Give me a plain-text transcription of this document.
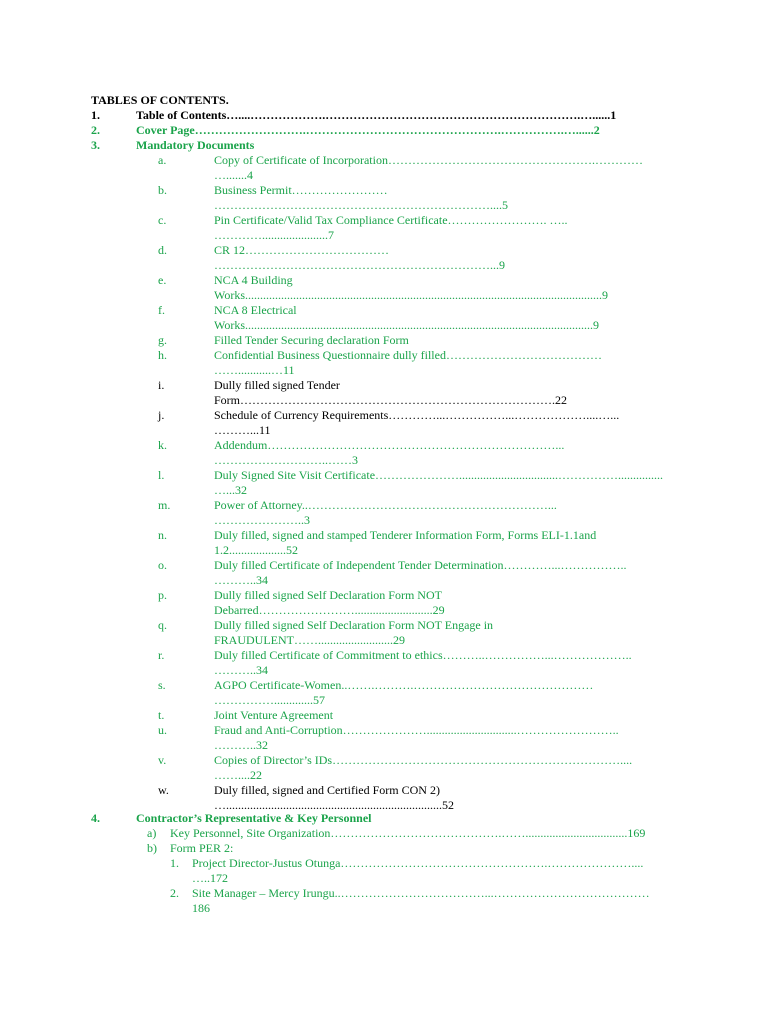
TABLES OF CONTENTS.
1.	Table of Contents…....……………….……………………………………………………….…......1
2.	Cover Page……………………….………………………………………….…………….…......2
3.	Mandatory Documents
a.	Copy of Certificate of Incorporation…………………………………………….…………
….......4
b.	Business Permit……………………
……………………………………………………………....5
c.	Pin Certificate/Valid Tax Compliance Certificate……………………. …..
…………......................7
d.	CR 12………………………………
……………………………………………………………...9
e.	NCA 4 Building
Works.......................................................................................................................9
f.	NCA 8 Electrical
Works....................................................................................................................9
g.	Filled Tender Securing declaration Form
h.	Confidential Business Questionnaire dully filled…………………………………
……...........…11
i.	Dully filled signed Tender
Form…………………………………………………………………….22
j.	Schedule of Currency Requirements…………...……………...………………....…...
………...11
k.	Addendum………………………………………………………………...
………………………..……3
l.	Duly Signed Site Visit Certificate………………….................................……………...............
…...32
m.	Power of Attorney..……………………………………………………...
…………………..3
n.	Duly filled, signed and stamped Tenderer Information Form, Forms ELI-1.1and
1.2...................52
o.	Duly filled Certificate of Independent Tender Determination…………...……………..
………..34
p.	Dully filled signed Self Declaration Form NOT
Debarred……………………..........................29
q.	Dully filled signed Self Declaration Form NOT Engage in
FRAUDULENT…….........................29
r.	Duly filled Certificate of Commitment to ethics………..……………...………………..
………..34
s.	AGPO Certificate-Women..…….……….………………………………………
…………….............57
t.	Joint Venture Agreement
u.	Fraud and Anti-Corruption…………………..............................……………………..
………..32
v.	Copies of Director’s IDs………………………………………………………………....
……....22
w.	Duly filled, signed and Certified Form CON 2)
…........................................................................52
4.	Contractor’s Representative & Key Personnel
a) Key Personnel, Site Organization…………………………………….……..................................169
b) Form PER 2:
1. Project Director-Justus Otunga…………………………………………….…………………....
…..172
2. Site Manager – Mercy Irungu..………………………………...…………………………………
186
